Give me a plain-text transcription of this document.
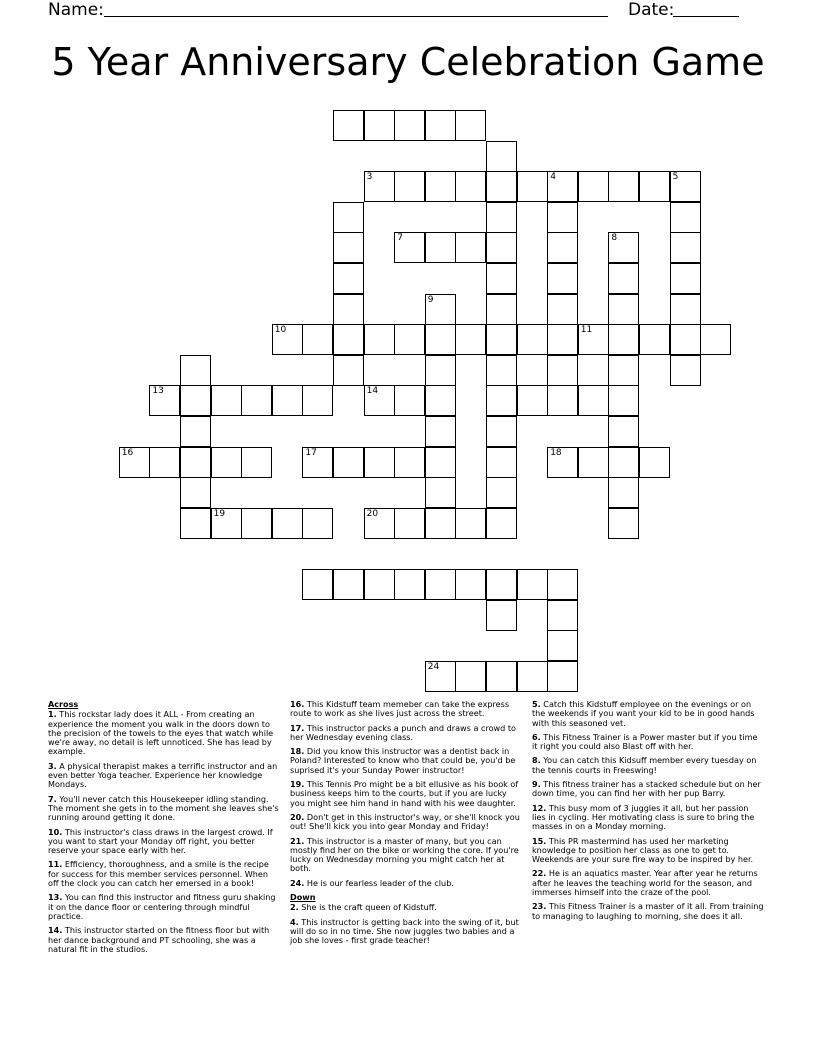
Name:	Date:
5 Year Anniversary Celebration Game
3	4	5
7
10	11
13	14
16	17	18
19	20
24
8
9
Across
1. This rockstar lady does it ALL - From creating an experience the moment you walk in the doors down to the precision of the towels to the eyes that watch while we're away, no detail is left unnoticed. She has lead by example.
3. A physical therapist makes a terrific instructor and an even better Yoga teacher. Experience her knowledge Mondays.
7. You'll never catch this Housekeeper idling standing. The moment she gets in to the moment she leaves she's running around getting it done.
10. This instructor's class draws in the largest crowd. If you want to start your Monday off right, you better reserve your space early with her.
11. Efficiency, thoroughness, and a smile is the recipe for success for this member services personnel. When off the clock you can catch her emersed in a book!
13. You can find this instructor and fitness guru shaking it on the dance floor or centering through mindful practice.
14. This instructor started on the fitness floor but with her dance background and PT schooling, she was a natural fit in the studios.
16. This Kidstuff team memeber can take the express route to work as she lives just across the street.
17. This instructor packs a punch and draws a crowd to her Wednesday evening class.
18. Did you know this instructor was a dentist back in Poland? Interested to know who that could be, you'd be suprised it's your Sunday Power instructor!
19. This Tennis Pro might be a bit ellusive as his book of business keeps him to the courts, but if you are lucky you might see him hand in hand with his wee daughter.
20. Don't get in this instructor's way, or she'll knock you out! She'll kick you into gear Monday and Friday!
21. This instructor is a master of many, but you can mostly find her on the bike or working the core. If you're lucky on Wednesday morning you might catch her at both.
24. He is our fearless leader of the club.
Down
2. She is the craft queen of Kidstuff.
4. This instructor is getting back into the swing of it, but will do so in no time. She now juggles two babies and a job she loves - first grade teacher!
5. Catch this Kidstuff employee on the evenings or on the weekends if you want your kid to be in good hands with this seasoned vet.
6. This Fitness Trainer is a Power master but if you time it right you could also Blast off with her.
8. You can catch this Kidsuff member every tuesday on the tennis courts in Freeswing!
9. This fitness trainer has a stacked schedule but on her down time, you can find her with her pup Barry.
12. This busy mom of 3 juggles it all, but her passion lies in cycling. Her motivating class is sure to bring the masses in on a Monday morning.
15. This PR mastermind has used her marketing knowledge to position her class as one to get to. Weekends are your sure fire way to be inspired by her.
22. He is an aquatics master. Year after year he returns after he leaves the teaching world for the season, and immerses himself into the craze of the pool.
23. This Fitness Trainer is a master of it all. From training to managing to laughing to morning, she does it all.
